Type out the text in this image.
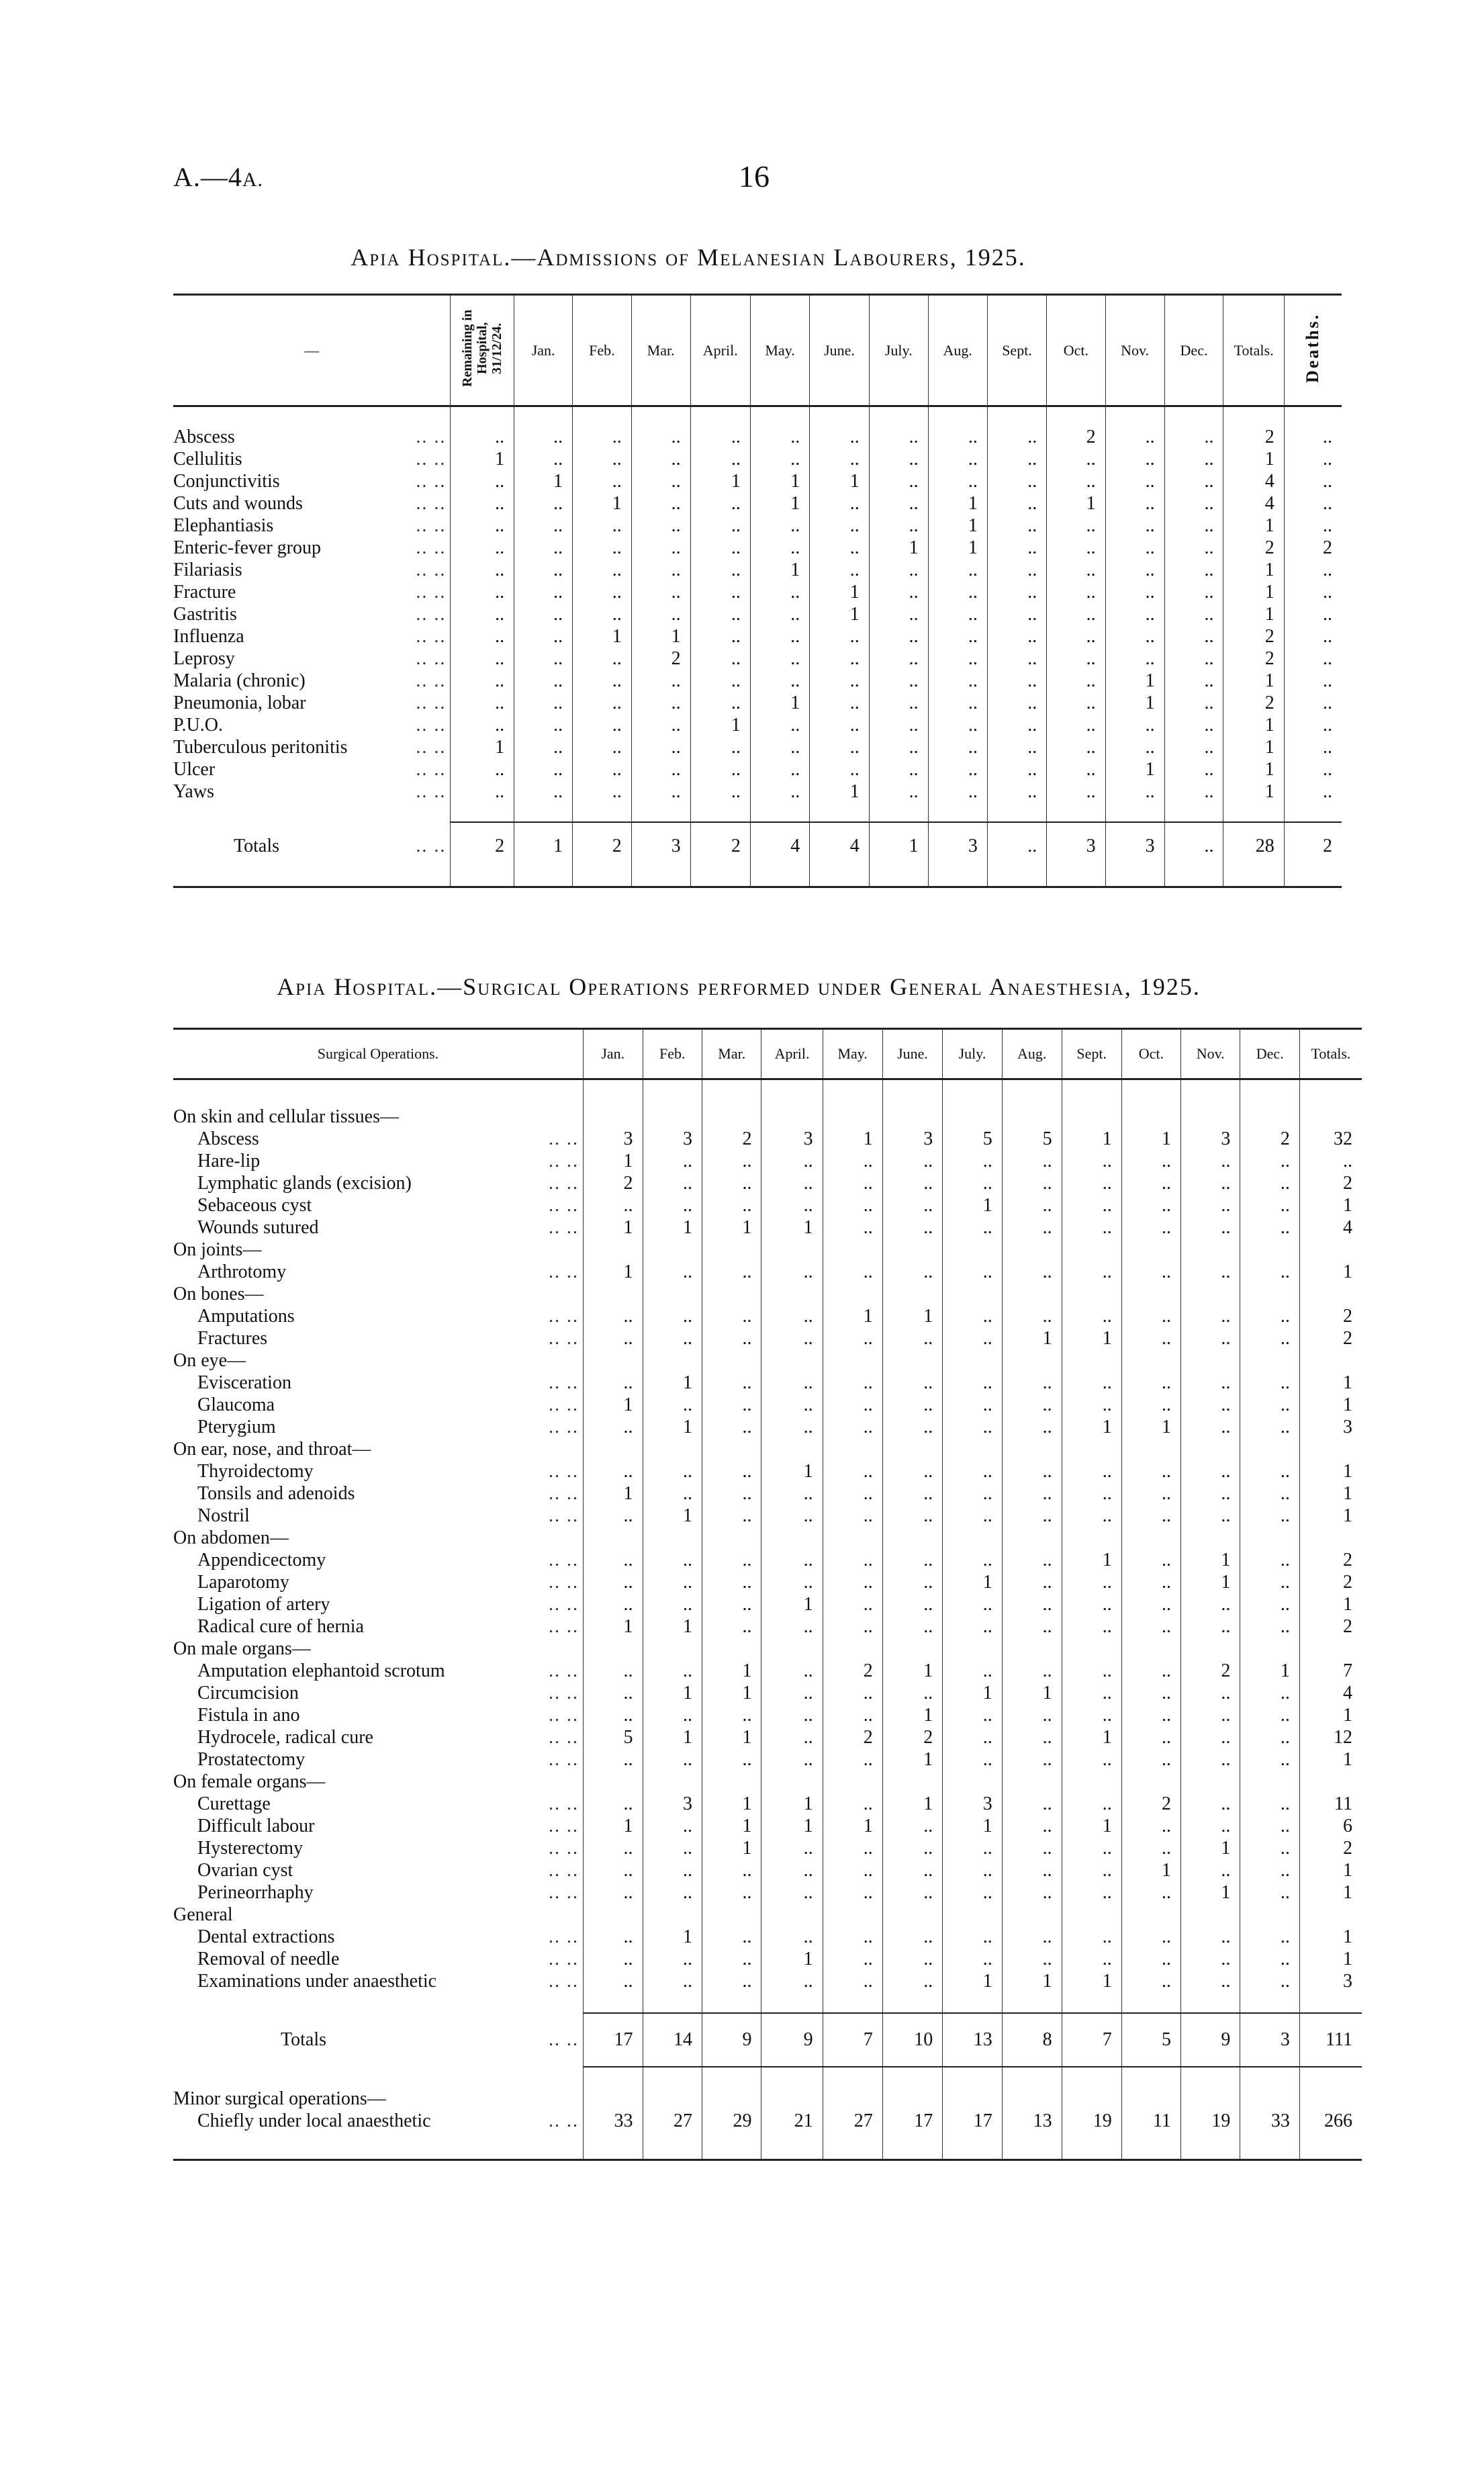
A.—4A.	16
Apia Hospital.—Admissions of Melanesian Labourers, 1925.
—	Remaining in Hospital, 31/12/24.	Jan.	Feb.	Mar.	April.	May.	June.	July.	Aug.	Sept.	Oct.	Nov.	Dec.	Totals.	Deaths.

Abscess .. ..	..	..	..	..	..	..	..	..	..	..	2	..	..	2	..

Cellulitis .. ..	1	..	..	..	..	..	..	..	..	..	..	..	..	1	..

Conjunctivitis .. ..	..	1	..	..	1	1	1	..	..	..	..	..	..	4	..

Cuts and wounds .. ..	..	..	1	..	..	1	..	..	1	..	1	..	..	4	..

Elephantiasis .. ..	..	..	..	..	..	..	..	..	1	..	..	..	..	1	..

Enteric-fever group .. ..	..	..	..	..	..	..	..	1	1	..	..	..	..	2	2

Filariasis .. ..	..	..	..	..	..	1	..	..	..	..	..	..	..	1	..

Fracture .. ..	..	..	..	..	..	..	1	..	..	..	..	..	..	1	..

Gastritis .. ..	..	..	..	..	..	..	1	..	..	..	..	..	..	1	..

Influenza .. ..	..	..	1	1	..	..	..	..	..	..	..	..	..	2	..

Leprosy .. ..	..	..	..	2	..	..	..	..	..	..	..	..	..	2	..

Malaria (chronic) .. ..	..	..	..	..	..	..	..	..	..	..	..	1	..	1	..

Pneumonia, lobar .. ..	..	..	..	..	..	1	..	..	..	..	..	1	..	2	..

P.U.O. .. ..	..	..	..	..	1	..	..	..	..	..	..	..	..	1	..

Tuberculous peritonitis .. ..	1	..	..	..	..	..	..	..	..	..	..	..	..	1	..

Ulcer .. ..	..	..	..	..	..	..	..	..	..	..	..	1	..	1	..

Yaws .. ..	..	..	..	..	..	..	1	..	..	..	..	..	..	1	..

Totals .. ..	2	1	2	3	2	4	4	1	3	..	3	3	..	28	2

Apia Hospital.—Surgical Operations performed under General Anaesthesia, 1925.
Surgical Operations.	Jan.	Feb.	Mar.	April.	May.	June.	July.	Aug.	Sept.	Oct.	Nov.	Dec.	Totals.

On skin and cellular tissues—													

Abscess .. ..	3	3	2	3	1	3	5	5	1	1	3	2	32

Hare-lip .. ..	1	..	..	..	..	..	..	..	..	..	..	..	..

Lymphatic glands (excision) .. ..	2	..	..	..	..	..	..	..	..	..	..	..	2

Sebaceous cyst .. ..	..	..	..	..	..	..	1	..	..	..	..	..	1

Wounds sutured .. ..	1	1	1	1	..	..	..	..	..	..	..	..	4
On joints—													

Arthrotomy .. ..	1	..	..	..	..	..	..	..	..	..	..	..	1
On bones—													

Amputations .. ..	..	..	..	..	1	1	..	..	..	..	..	..	2

Fractures .. ..	..	..	..	..	..	..	..	1	1	..	..	..	2
On eye—													

Evisceration .. ..	..	1	..	..	..	..	..	..	..	..	..	..	1

Glaucoma .. ..	1	..	..	..	..	..	..	..	..	..	..	..	1

Pterygium .. ..	..	1	..	..	..	..	..	..	1	1	..	..	3
On ear, nose, and throat—													

Thyroidectomy .. ..	..	..	..	1	..	..	..	..	..	..	..	..	1

Tonsils and adenoids .. ..	1	..	..	..	..	..	..	..	..	..	..	..	1

Nostril .. ..	..	1	..	..	..	..	..	..	..	..	..	..	1
On abdomen—													

Appendicectomy .. ..	..	..	..	..	..	..	..	..	1	..	1	..	2

Laparotomy .. ..	..	..	..	..	..	..	1	..	..	..	1	..	2

Ligation of artery .. ..	..	..	..	1	..	..	..	..	..	..	..	..	1

Radical cure of hernia .. ..	1	1	..	..	..	..	..	..	..	..	..	..	2
On male organs—													

Amputation elephantoid scrotum .. ..	..	..	1	..	2	1	..	..	..	..	2	1	7

Circumcision .. ..	..	1	1	..	..	..	1	1	..	..	..	..	4

Fistula in ano .. ..	..	..	..	..	..	1	..	..	..	..	..	..	1

Hydrocele, radical cure .. ..	5	1	1	..	2	2	..	..	1	..	..	..	12

Prostatectomy .. ..	..	..	..	..	..	1	..	..	..	..	..	..	1
On female organs—													

Curettage .. ..	..	3	1	1	..	1	3	..	..	2	..	..	11

Difficult labour .. ..	1	..	1	1	1	..	1	..	1	..	..	..	6

Hysterectomy .. ..	..	..	1	..	..	..	..	..	..	..	1	..	2

Ovarian cyst .. ..	..	..	..	..	..	..	..	..	..	1	..	..	1

Perineorrhaphy .. ..	..	..	..	..	..	..	..	..	..	..	1	..	1
General													

Dental extractions .. ..	..	1	..	..	..	..	..	..	..	..	..	..	1

Removal of needle .. ..	..	..	..	1	..	..	..	..	..	..	..	..	1

Examinations under anaesthetic .. ..	..	..	..	..	..	..	1	1	1	..	..	..	3

Totals .. ..	17	14	9	9	7	10	13	8	7	5	9	3	111

Minor surgical operations—													

Chiefly under local anaesthetic .. ..	33	27	29	21	27	17	17	13	19	11	19	33	266
